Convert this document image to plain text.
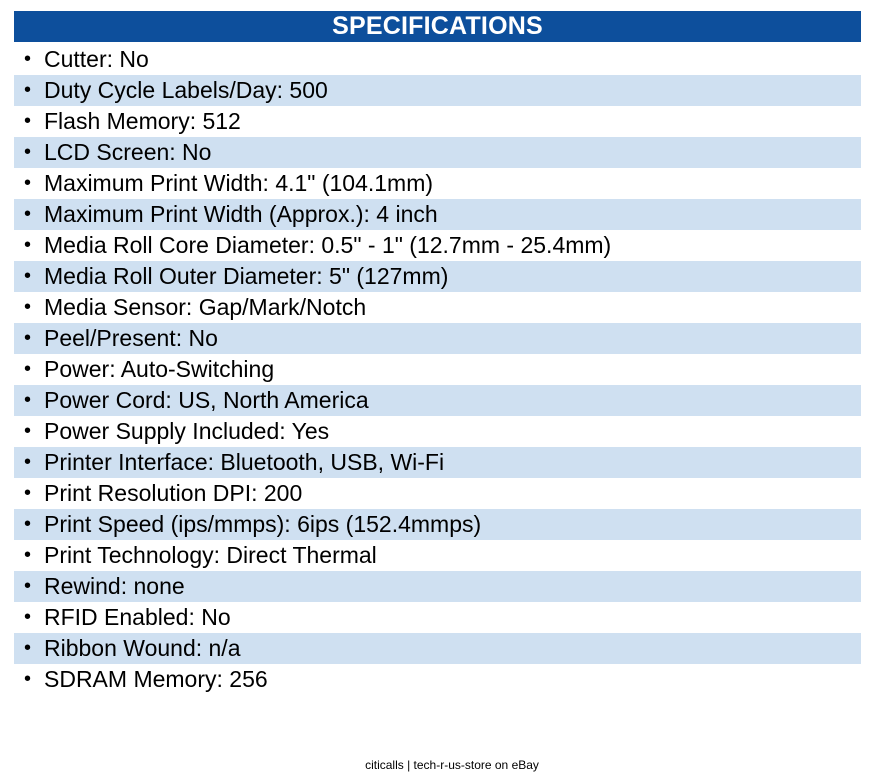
SPECIFICATIONS
• Cutter: No
• Duty Cycle Labels/Day: 500
• Flash Memory: 512
• LCD Screen: No
• Maximum Print Width: 4.1" (104.1mm)
• Maximum Print Width (Approx.): 4 inch
• Media Roll Core Diameter: 0.5" - 1" (12.7mm - 25.4mm)
• Media Roll Outer Diameter: 5" (127mm)
• Media Sensor: Gap/Mark/Notch
• Peel/Present: No
• Power: Auto-Switching
• Power Cord: US, North America
• Power Supply Included: Yes
• Printer Interface: Bluetooth, USB, Wi-Fi
• Print Resolution DPI: 200
• Print Speed (ips/mmps): 6ips (152.4mmps)
• Print Technology: Direct Thermal
• Rewind: none
• RFID Enabled: No
• Ribbon Wound: n/a
• SDRAM Memory: 256
citicalls | tech-r-us-store on eBay
